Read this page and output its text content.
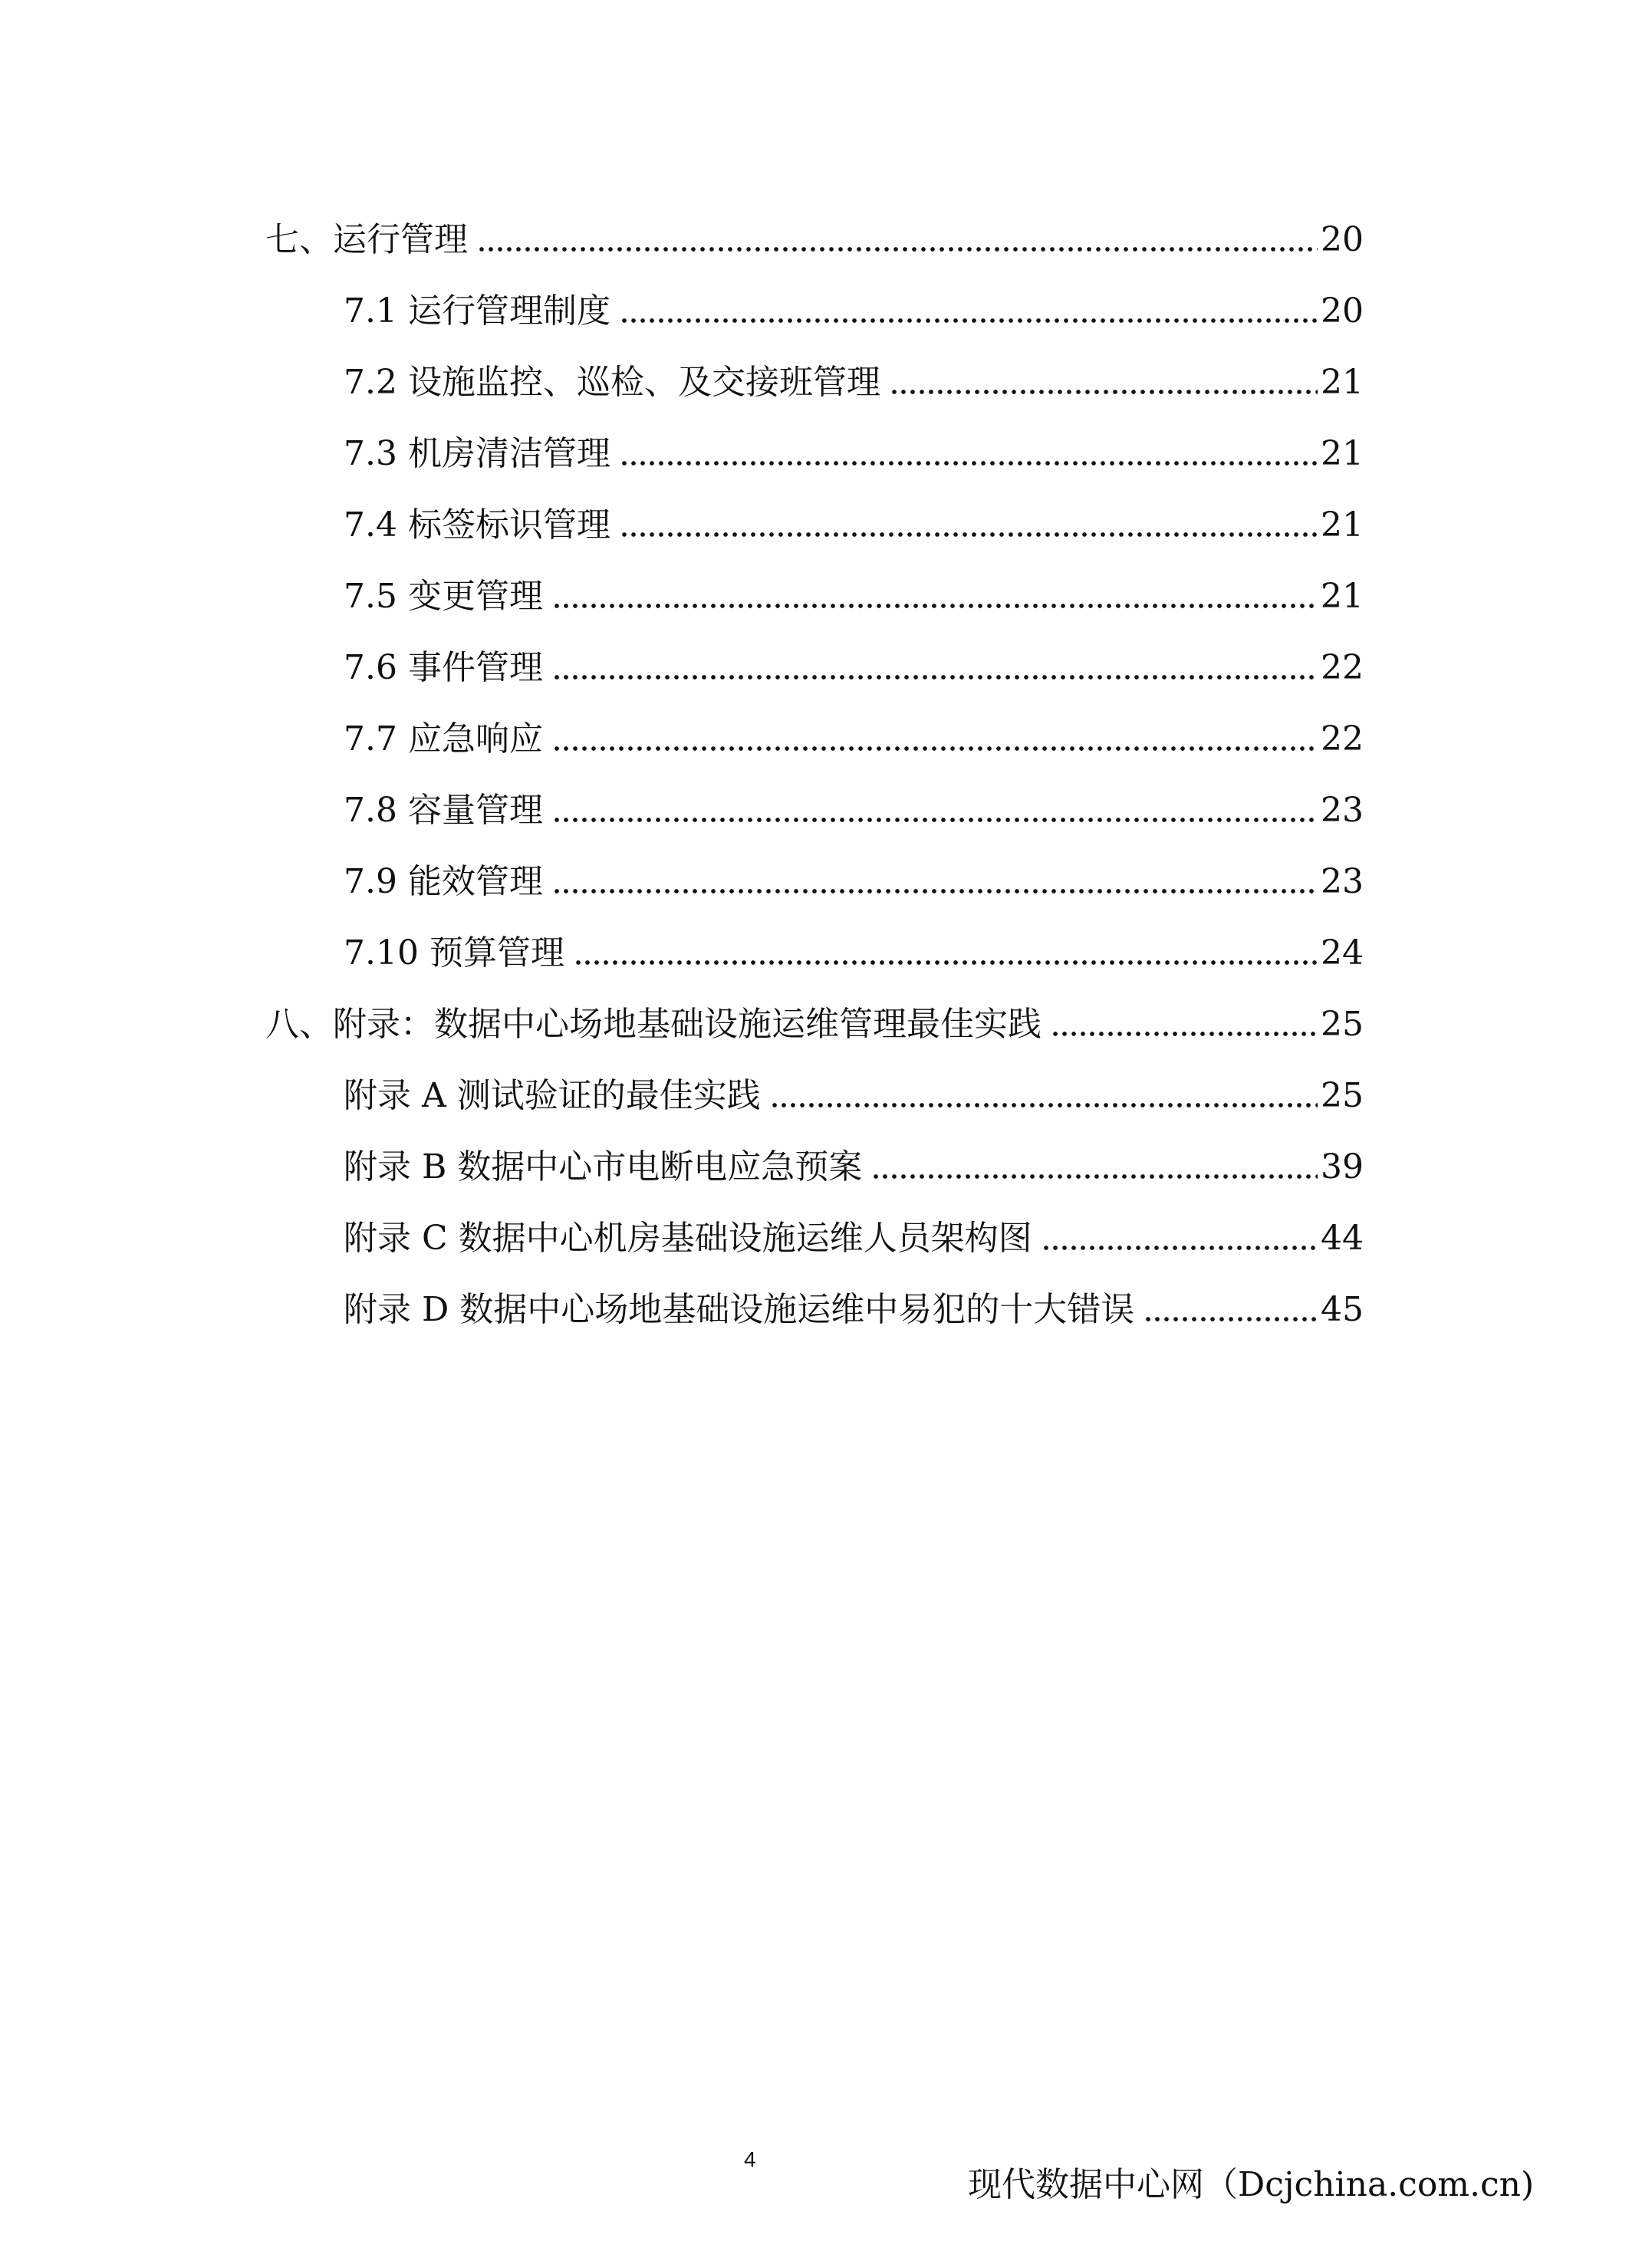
七、运行管理	20
7.1 运行管理制度	20
7.2 设施监控、巡检、及交接班管理	21
7.3 机房清洁管理	21
7.4 标签标识管理	21
7.5 变更管理	21
7.6 事件管理	22
7.7 应急响应	22
7.8 容量管理	23
7.9 能效管理	23
7.10 预算管理	24
八、附录：数据中心场地基础设施运维管理最佳实践	25
附录 A 测试验证的最佳实践	25
附录 B 数据中心市电断电应急预案	39
附录 C 数据中心机房基础设施运维人员架构图	44
附录 D 数据中心场地基础设施运维中易犯的十大错误	45
4
现代数据中心网（Dcjchina.com.cn)
